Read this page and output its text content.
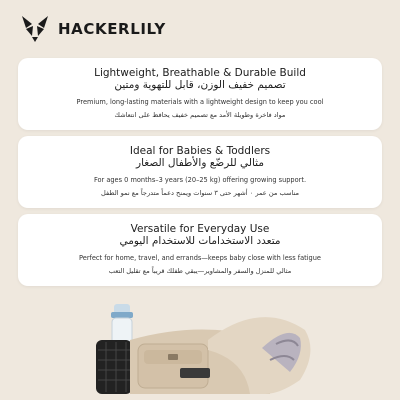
HACKERLILY
Lightweight, Breathable & Durable Build
تصميم خفيف الوزن، قابل للتهوية ومتين

Premium, long-lasting materials with a lightweight design to keep you cool

مواد فاخرة وطويلة الأمد مع تصميم خفيف يحافظ على انتعاشك

Ideal for Babies & Toddlers
مثالي للرضّع والأطفال الصغار

For ages 0 months–3 years (20–25 kg) offering growing support.

مناسب من عمر ٠ أشهر حتى ٣ سنوات ويمنح دعماً متدرجاً مع نمو الطفل

Versatile for Everyday Use
متعدد الاستخدامات للاستخدام اليومي

Perfect for home, travel, and errands—keeps baby close with less fatigue

مثالي للمنزل والسفر والمشاوير—يبقي طفلك قريباً مع تقليل التعب
